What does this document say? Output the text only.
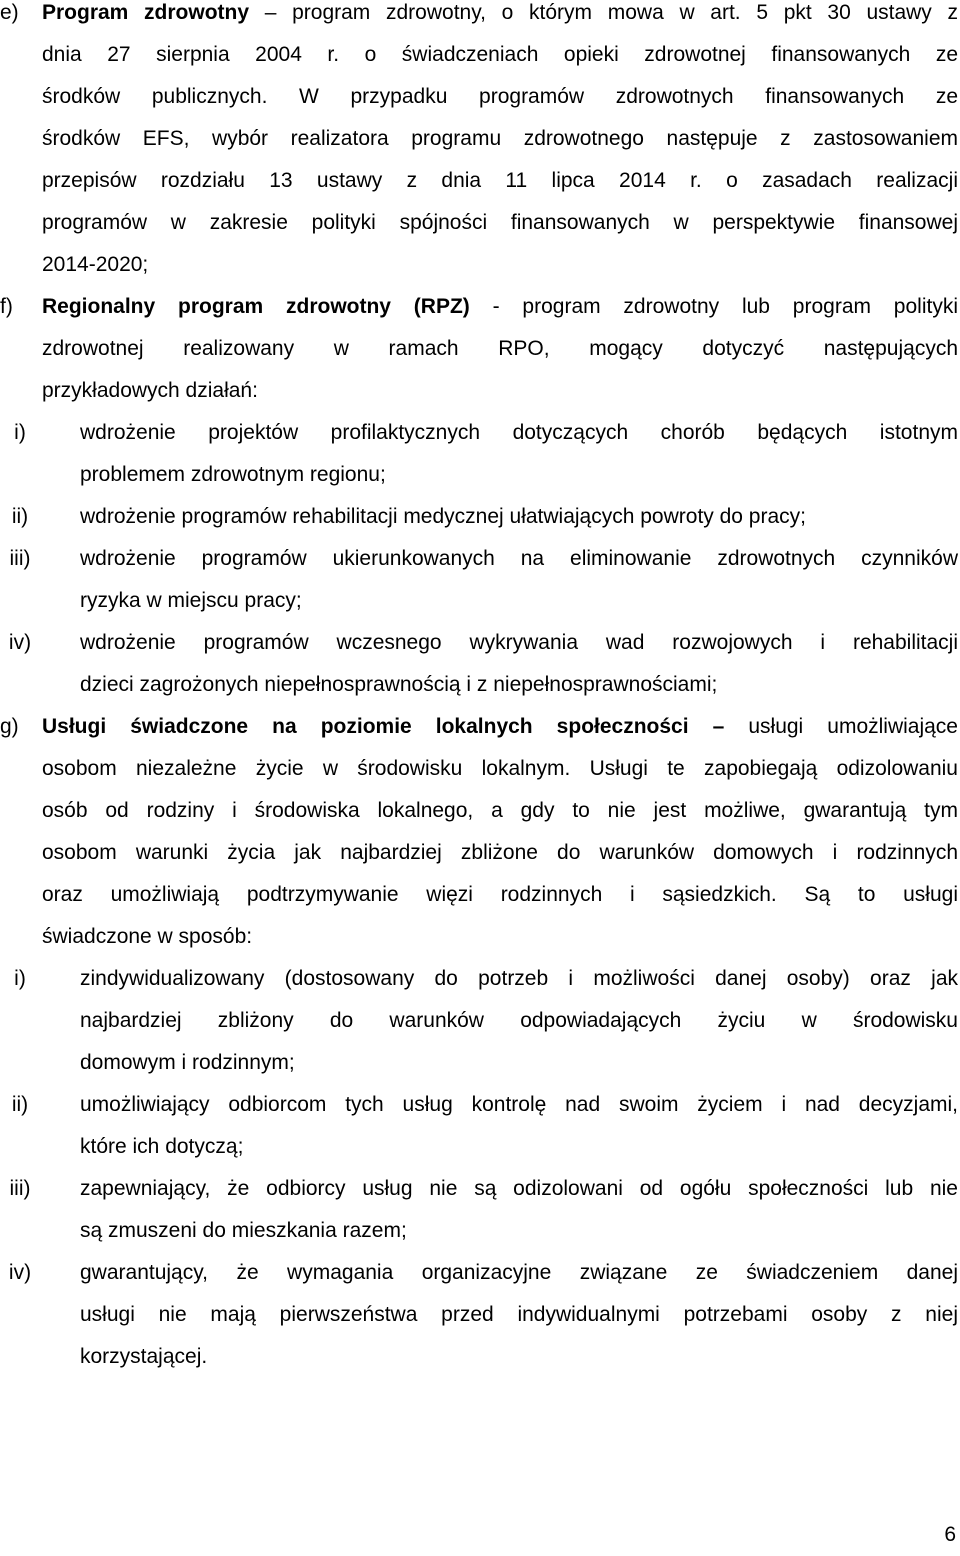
e) Program zdrowotny – program zdrowotny, o którym mowa w art. 5 pkt 30 ustawy z
dnia 27 sierpnia 2004 r. o świadczeniach opieki zdrowotnej finansowanych ze
środków publicznych. W przypadku programów zdrowotnych finansowanych ze
środków EFS, wybór realizatora programu zdrowotnego następuje z zastosowaniem
przepisów rozdziału 13 ustawy z dnia 11 lipca 2014 r. o zasadach realizacji
programów w zakresie polityki spójności finansowanych w perspektywie finansowej
2014-2020;
f) Regionalny program zdrowotny (RPZ) - program zdrowotny lub program polityki
zdrowotnej realizowany w ramach RPO, mogący dotyczyć następujących
przykładowych działań:
i)	wdrożenie projektów profilaktycznych dotyczących chorób będących istotnym
problemem zdrowotnym regionu;
ii)	wdrożenie programów rehabilitacji medycznej ułatwiających powroty do pracy;
iii)	wdrożenie programów ukierunkowanych na eliminowanie zdrowotnych czynników
ryzyka w miejscu pracy;
iv)	wdrożenie programów wczesnego wykrywania wad rozwojowych i rehabilitacji
dzieci zagrożonych niepełnosprawnością i z niepełnosprawnościami;
g) Usługi świadczone na poziomie lokalnych społeczności – usługi umożliwiające
osobom niezależne życie w środowisku lokalnym. Usługi te zapobiegają odizolowaniu
osób od rodziny i środowiska lokalnego, a gdy to nie jest możliwe, gwarantują tym
osobom warunki życia jak najbardziej zbliżone do warunków domowych i rodzinnych
oraz umożliwiają podtrzymywanie więzi rodzinnych i sąsiedzkich. Są to usługi
świadczone w sposób:
i)	zindywidualizowany (dostosowany do potrzeb i możliwości danej osoby) oraz jak
najbardziej zbliżony do warunków odpowiadających życiu w środowisku
domowym i rodzinnym;
ii)	umożliwiający odbiorcom tych usług kontrolę nad swoim życiem i nad decyzjami,
które ich dotyczą;
iii)	zapewniający, że odbiorcy usług nie są odizolowani od ogółu społeczności lub nie
są zmuszeni do mieszkania razem;
iv)	gwarantujący, że wymagania organizacyjne związane ze świadczeniem danej
usługi nie mają pierwszeństwa przed indywidualnymi potrzebami osoby z niej
korzystającej.
6
